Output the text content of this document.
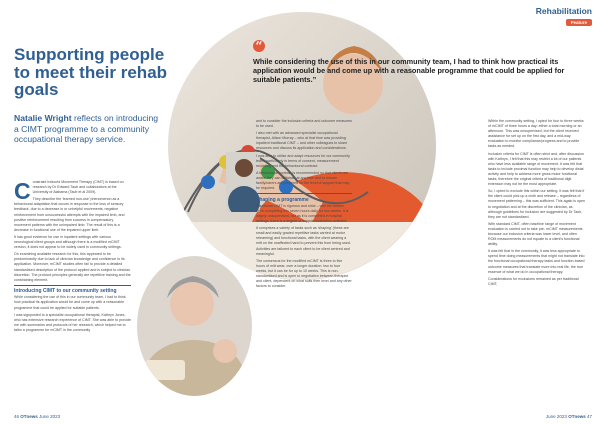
Rehabilitation
Feature
Supporting people to meet their rehab goals
Natalie Wright reflects on introducing a CIMT programme to a community occupational therapy service.
“
While considering the use of this in our community team, I had to think how practical its application would be and come up with a reasonable programme that could be applied for suitable patients.”

Constraint Induced Movement Therapy (CIMT) is based on research by Dr Edward Taub and collaborators at the University of Alabama (Taub et al 2009).

They describe the 'learned non-use' phenomenon as a behavioural adaptation that occurs in response to the loss of sensory feedback, due to a decrease in or unhelpful movements, negative reinforcement from unsuccessful attempts with the impaired limb, and positive reinforcement resulting from success in compensatory movement patterns with the unimpaired limb. The result of this is a decrease in functional use of the impaired upper limb.

It has good evidence for use in inpatient settings with various neurological client groups and although there is a modified mCIMT version, it does not appear to be widely used in community settings.

On examining available research for this, this appeared to be predominantly due to lack of clinician knowledge and confidence in its application. Moreover, mCIMT studies often fail to provide a detailed standardised description of the protocol applied and is subject to clinician discretion. The protocol principles generally are repetitive training and the constraining element.

Introducing CIMT to our community setting

While considering the use of this in our community team, I had to think how practical its application would be and come up with a reasonable programme that could be applied for suitable patients.

I was signposted to a specialist occupational therapist, Kathryn Jones, who has extensive research experience of CIMT. She was able to provide me with summaries and protocols of her research, which helped me to tailor a programme for mCIMT in the community

and to consider the inclusion criteria and outcome measures to be used.

I also met with an advanced specialist occupational therapist, Alison Murray – who at that time was providing inpatient traditional CIMT – and other colleagues to share resources and discuss its application and considerations.

I was able to utilise and adapt resources for our community team, particularly in terms of consent, measurement recording and the behavioural contract.

A behavioural contract is recommended so that clients are aware they can withdraw at any time and to ensure family/carers are prepared for the level of support that may be required.

Shaping a programme

Traditional CIMT is rigorous and strict – with the wearer often completing this seven hours daily for two weeks. It is largely unsupervised, but as it is completed in hospital settings, there is a degree of support/evaluation available.

It comprises a variety of tasks such as 'shaping' (these are small and easily graded repetitive tasks carried at motor relearning) and functional tasks, with the client wearing a mitt on the unaffected hand to prevent this from being used. Activities are tailored to each client to be client centred and meaningful.

The consensus for the modified mCIMT is three to five hours of mitt wear, over a longer duration: two to four weeks, but it can be for up to 10 weeks. This is non-standardised and is open to negotiation between therapist and client, dependent on what suits their level and any other factors to consider.

Within the community setting, I opted for four to three weeks of mCIMT of three hours a day: either a total morning or an afternoon. This was unsupervised, but the client received assistance for set up on the first day, and a mid-way evaluation to monitor compliance/progress and to provide tasks as needed.

Inclusion criteria for CIMT is often strict and, after discussion with Kathryn, I felt that this may restrict a lot of our patients who have less available range of movement. It was felt that tasks to include proximal function may help to develop distal activity and help to address more gross motor functional tasks, therefore the original criteria of traditional digit extension may not be the most appropriate.

So, I opted to exclude this within our setting. It was felt that if the client could pick up a cloth and release – regardless of movement patterning – this was sufficient. This again is open to negotiation and at the discretion of the clinician, as although guidelines for inclusion are suggested by Dr Taub, they are not standardised.

With standard CIMT, often baseline range of movement evaluation is carried out to take pre- mCIMT measurements because our inclusion criteria was lower level, and often ROM measurements do not equate to a client's functional ability.

It was felt that in the community, it was less appropriate to spend time doing measurements that might not translate into the functional occupational therapy tasks and function-based outcome measures that translate more into real life, the true essence of what we do in occupational therapy.

Considerations for exclusions remained as per traditional CIMT,

46 OTnews June 2023	June 2023 OTnews 47
